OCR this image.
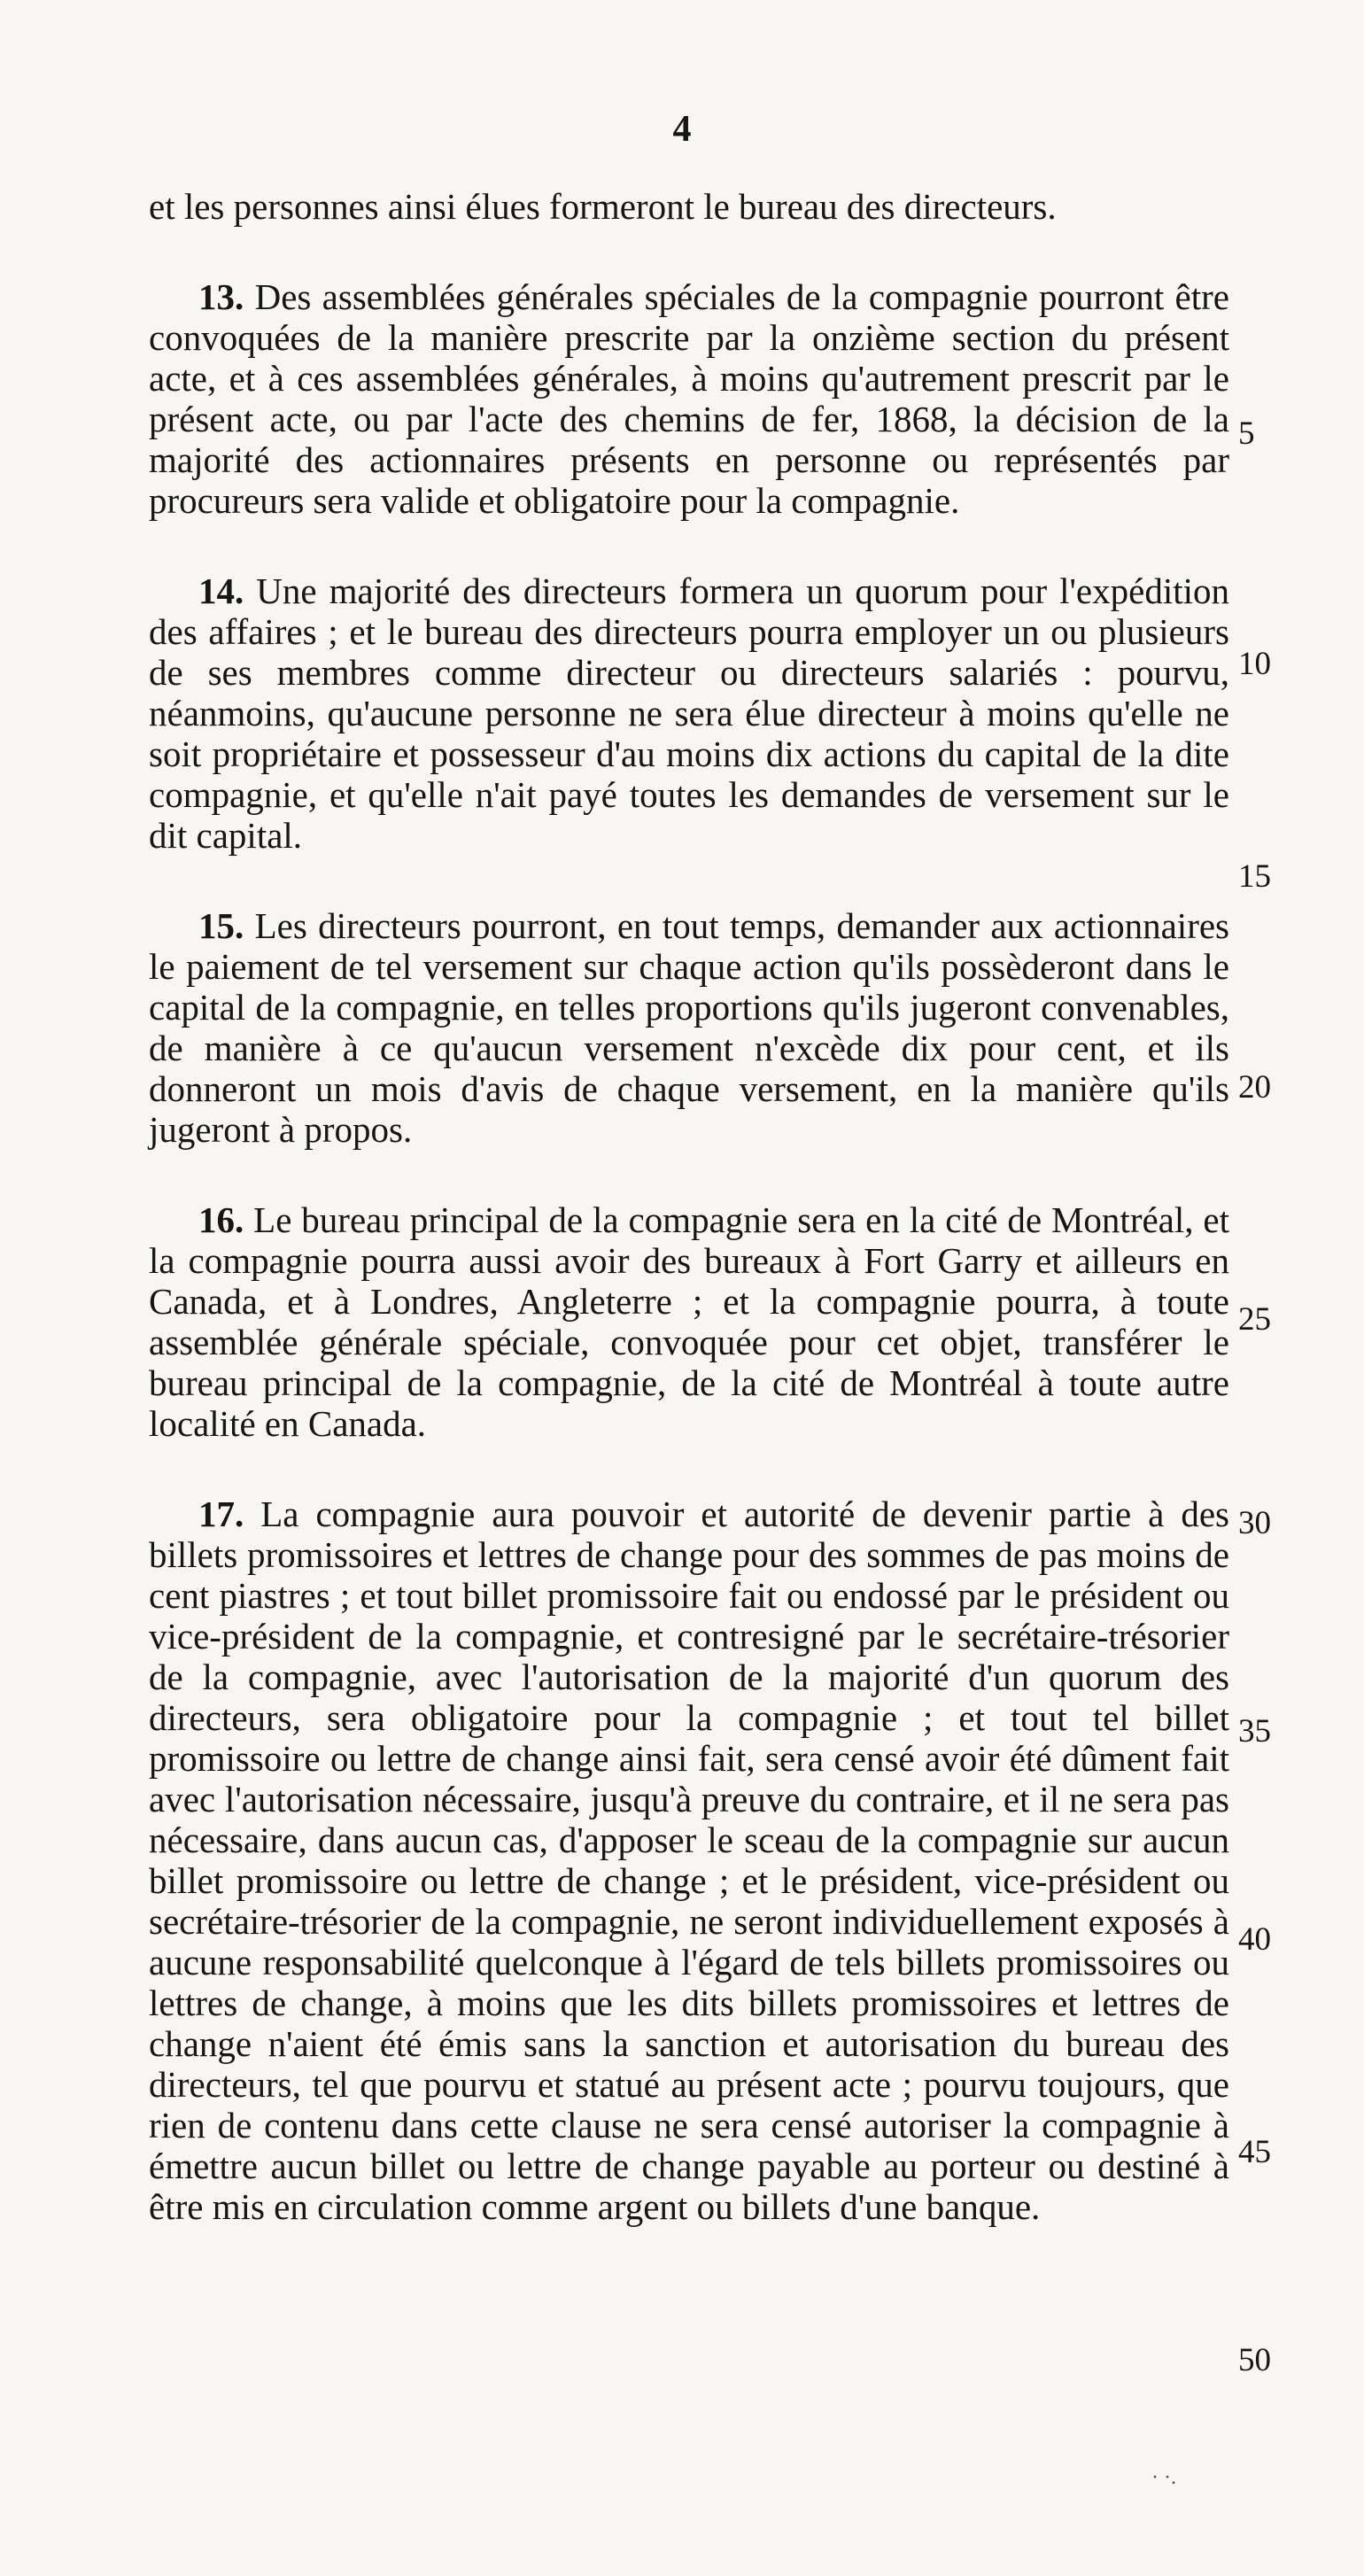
4

et les personnes ainsi élues formeront le bureau des directeurs.

13. Des assemblées générales spéciales de la compagnie pourront être convoquées de la manière prescrite par la onzième section du présent acte, et à ces assemblées générales, à moins qu'autrement prescrit par le présent acte, ou par l'acte des chemins de fer, 1868, la décision de la majorité des actionnaires présents en personne ou représentés par procureurs sera valide et obligatoire pour la compagnie.

14. Une majorité des directeurs formera un quorum pour l'expédition des affaires ; et le bureau des directeurs pourra employer un ou plusieurs de ses membres comme directeur ou directeurs salariés : pourvu, néanmoins, qu'aucune personne ne sera élue directeur à moins qu'elle ne soit propriétaire et possesseur d'au moins dix actions du capital de la dite compagnie, et qu'elle n'ait payé toutes les demandes de versement sur le dit capital.

15. Les directeurs pourront, en tout temps, demander aux actionnaires le paiement de tel versement sur chaque action qu'ils possèderont dans le capital de la compagnie, en telles proportions qu'ils jugeront convenables, de manière à ce qu'aucun versement n'excède dix pour cent, et ils donneront un mois d'avis de chaque versement, en la manière qu'ils jugeront à propos.

16. Le bureau principal de la compagnie sera en la cité de Montréal, et la compagnie pourra aussi avoir des bureaux à Fort Garry et ailleurs en Canada, et à Londres, Angleterre ; et la compagnie pourra, à toute assemblée générale spéciale, convoquée pour cet objet, transférer le bureau principal de la compagnie, de la cité de Montréal à toute autre localité en Canada.

17. La compagnie aura pouvoir et autorité de devenir partie à des billets promissoires et lettres de change pour des sommes de pas moins de cent piastres ; et tout billet promissoire fait ou endossé par le président ou vice-président de la compagnie, et contresigné par le secrétaire-trésorier de la compagnie, avec l'autorisation de la majorité d'un quorum des directeurs, sera obligatoire pour la compagnie ; et tout tel billet promissoire ou lettre de change ainsi fait, sera censé avoir été dûment fait avec l'autorisation nécessaire, jusqu'à preuve du contraire, et il ne sera pas nécessaire, dans aucun cas, d'apposer le sceau de la compagnie sur aucun billet promissoire ou lettre de change ; et le président, vice-président ou secrétaire-trésorier de la compagnie, ne seront individuellement exposés à aucune responsabilité quelconque à l'égard de tels billets promissoires ou lettres de change, à moins que les dits billets promissoires et lettres de change n'aient été émis sans la sanction et autorisation du bureau des directeurs, tel que pourvu et statué au présent acte ; pourvu toujours, que rien de contenu dans cette clause ne sera censé autoriser la compagnie à émettre aucun billet ou lettre de change payable au porteur ou destiné à être mis en circulation comme argent ou billets d'une banque.

5
10
15
20
25
30
35
40
45
50
· ·.
